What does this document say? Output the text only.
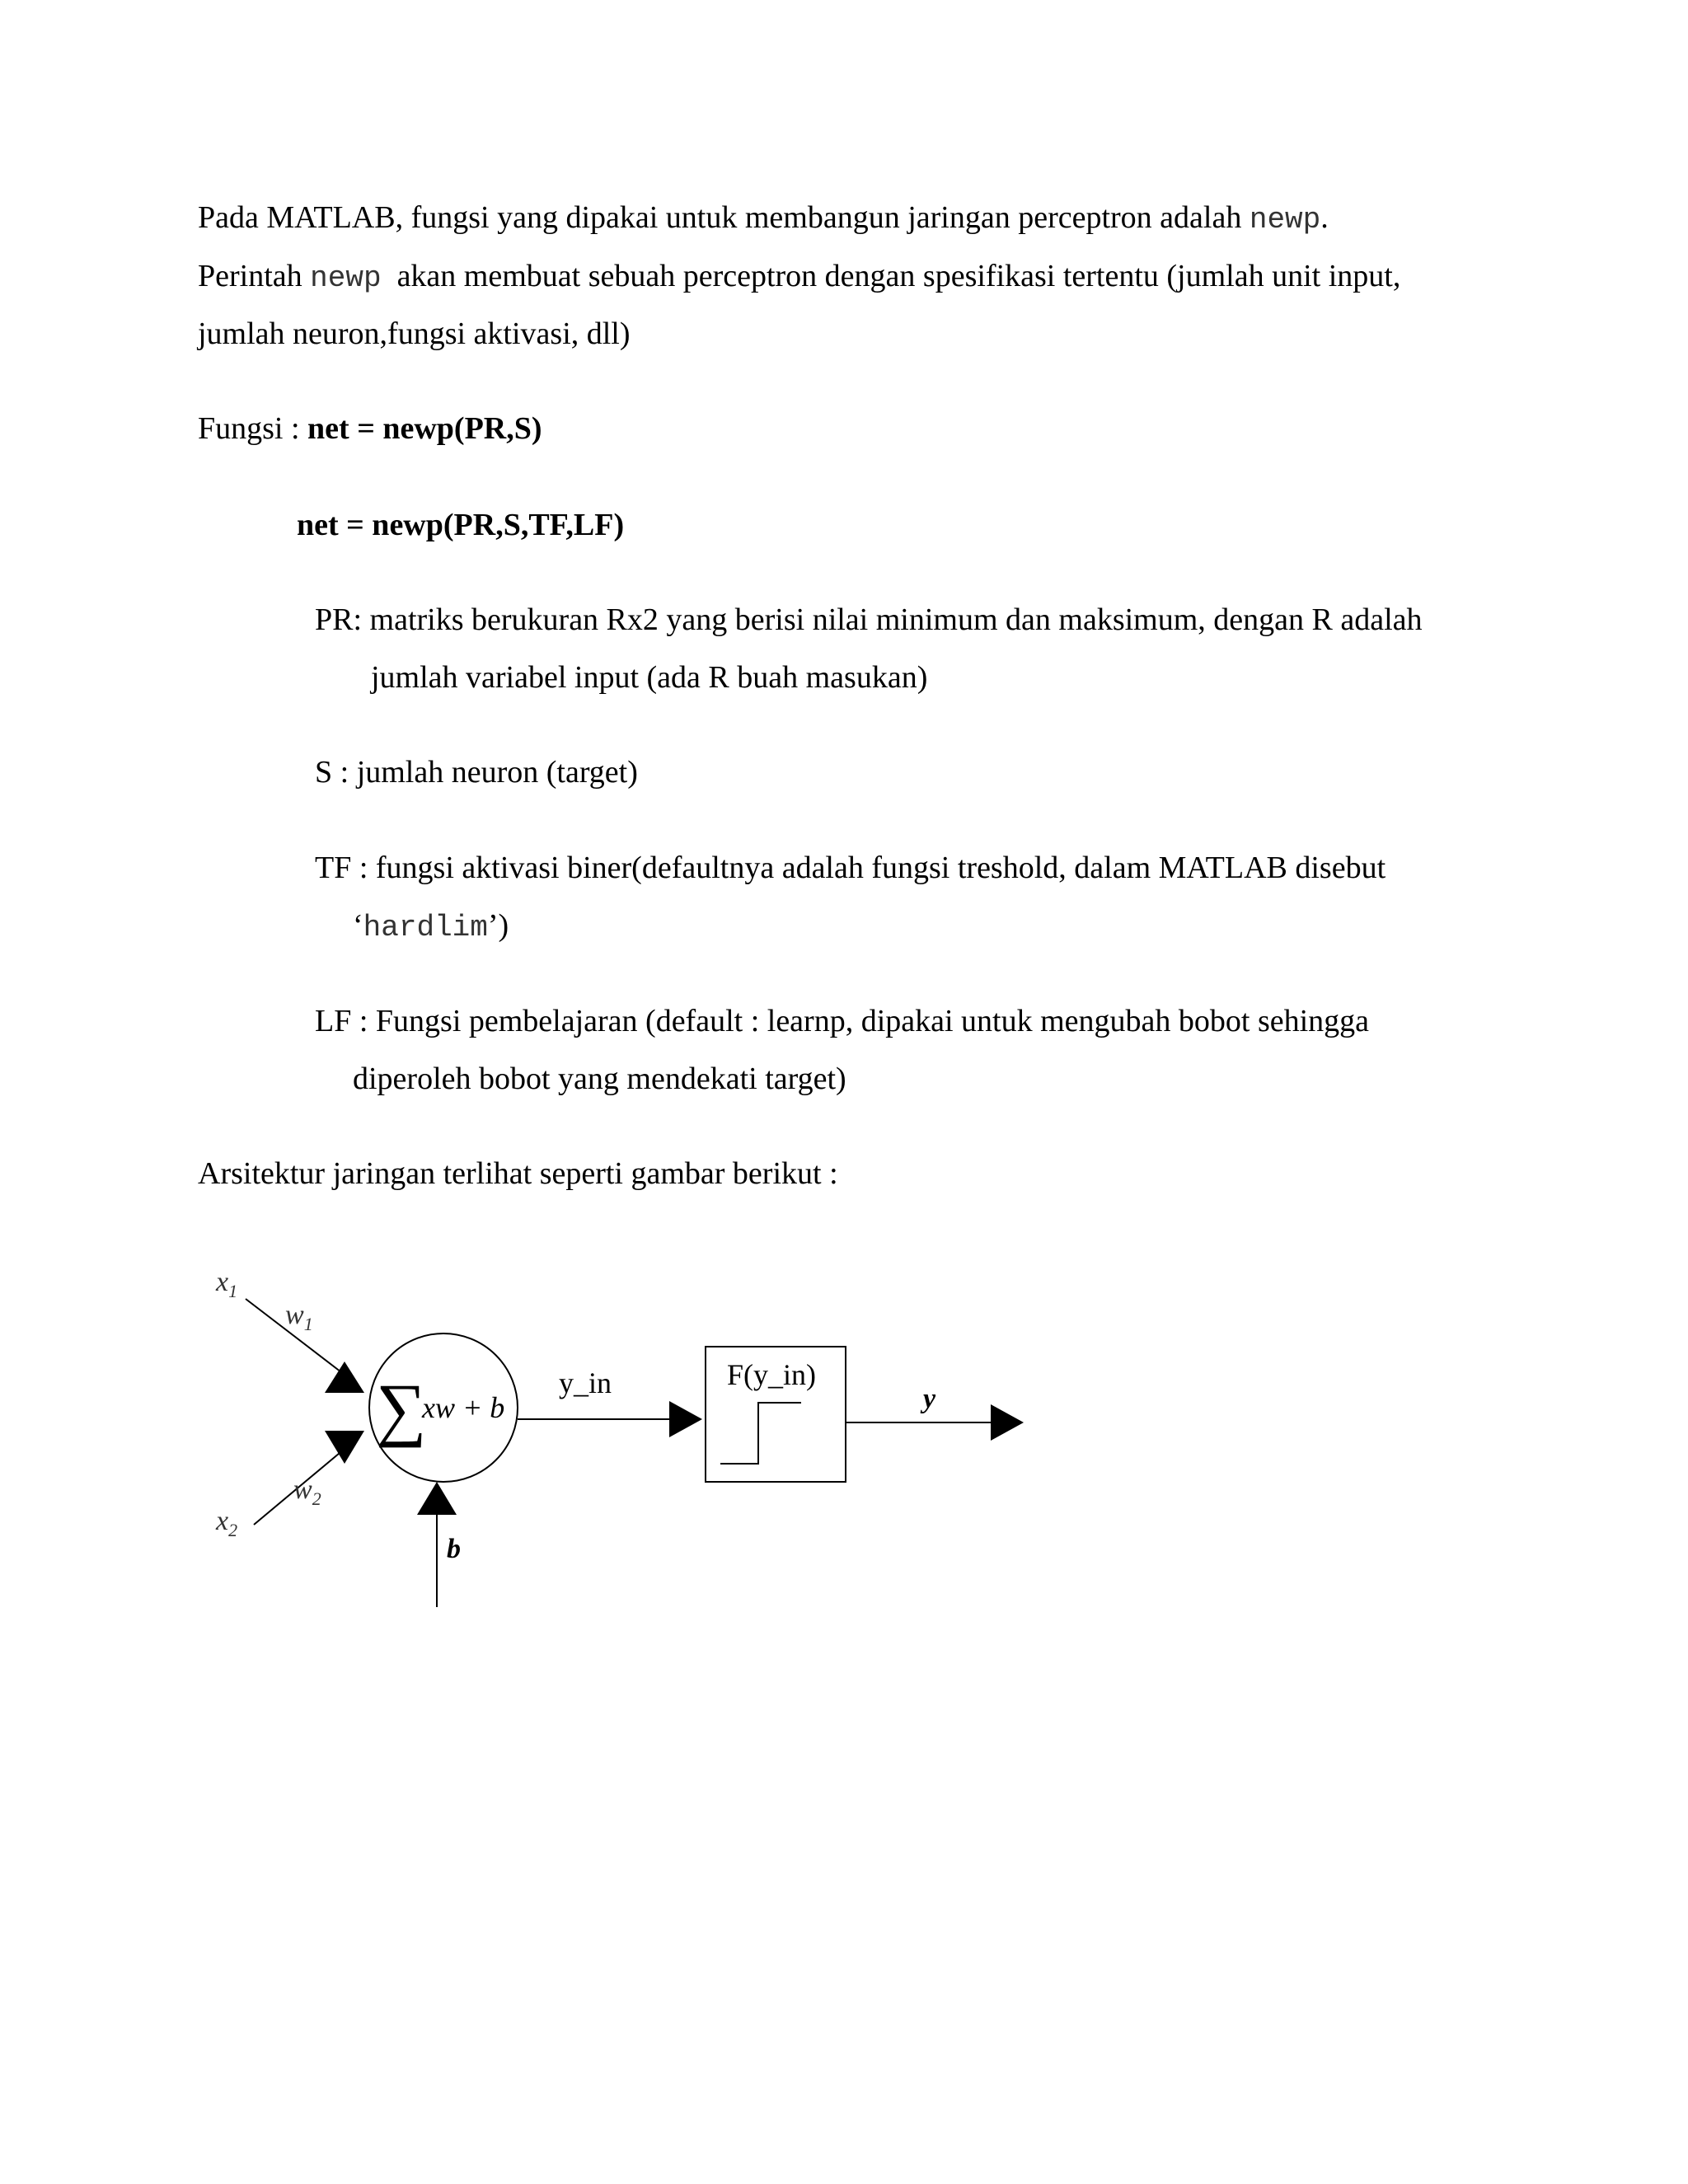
Pada MATLAB, fungsi yang dipakai untuk membangun jaringan perceptron adalah newp.
Perintah newp  akan membuat sebuah perceptron dengan spesifikasi tertentu (jumlah unit input,
jumlah neuron,fungsi aktivasi, dll)
Fungsi : net = newp(PR,S)
net = newp(PR,S,TF,LF)
PR: matriks berukuran Rx2 yang berisi nilai minimum dan maksimum, dengan R adalah
jumlah variabel input (ada R buah masukan)
S : jumlah neuron (target)
TF : fungsi aktivasi biner(defaultnya adalah fungsi treshold, dalam MATLAB disebut
‘hardlim’)
LF : Fungsi pembelajaran (default : learnp, dipakai untuk mengubah bobot sehingga
diperoleh bobot yang mendekati target)
Arsitektur jaringan terlihat seperti gambar berikut :
$x_1$
$w_1$
$x_2$
$w_2$
∑
xw + b
b
y_in	F(y_in)
y
